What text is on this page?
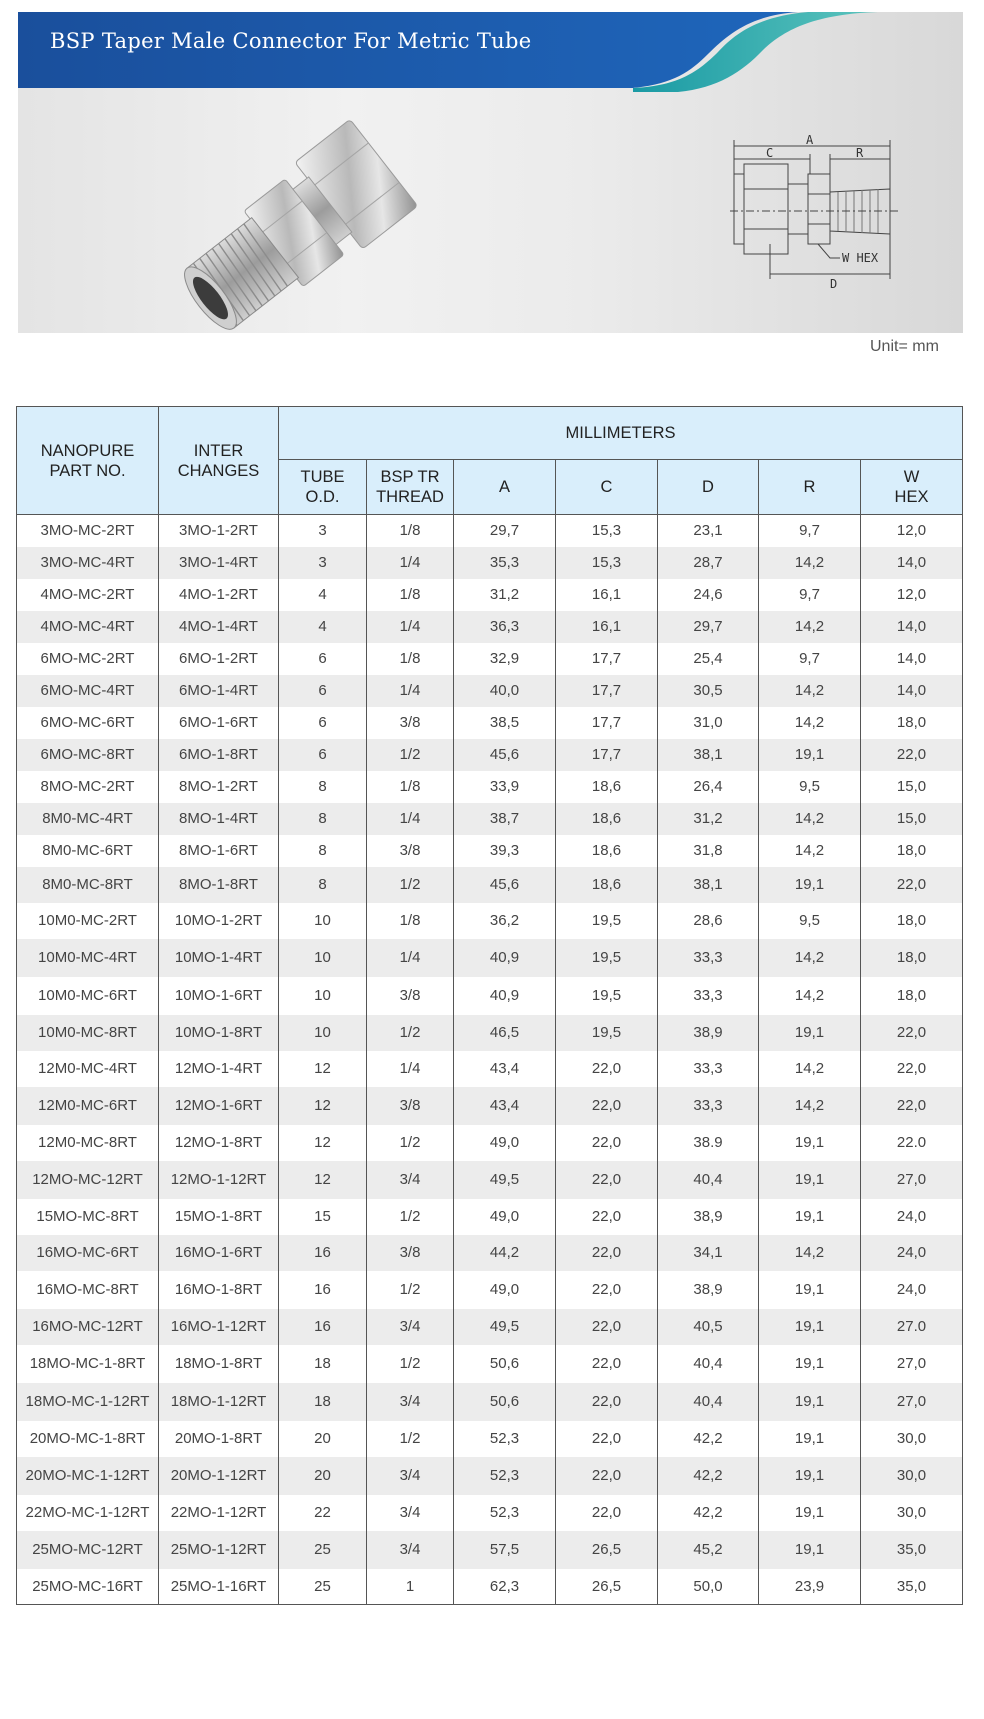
BSP Taper Male Connector For Metric Tube
A
C	R
D
W HEX
Unit= mm
NANOPURE PART NO.	INTER CHANGES	MILLIMETERS						
		TUBE O.D.	BSP TR THREAD	A	C	D	R	W HEX
3MO-MC-2RT	3MO-1-2RT	3	1/8	29,7	15,3	23,1	9,7	12,0
3MO-MC-4RT	3MO-1-4RT	3	1/4	35,3	15,3	28,7	14,2	14,0
4MO-MC-2RT	4MO-1-2RT	4	1/8	31,2	16,1	24,6	9,7	12,0
4MO-MC-4RT	4MO-1-4RT	4	1/4	36,3	16,1	29,7	14,2	14,0
6MO-MC-2RT	6MO-1-2RT	6	1/8	32,9	17,7	25,4	9,7	14,0
6MO-MC-4RT	6MO-1-4RT	6	1/4	40,0	17,7	30,5	14,2	14,0
6MO-MC-6RT	6MO-1-6RT	6	3/8	38,5	17,7	31,0	14,2	18,0
6MO-MC-8RT	6MO-1-8RT	6	1/2	45,6	17,7	38,1	19,1	22,0
8MO-MC-2RT	8MO-1-2RT	8	1/8	33,9	18,6	26,4	9,5	15,0
8M0-MC-4RT	8MO-1-4RT	8	1/4	38,7	18,6	31,2	14,2	15,0
8M0-MC-6RT	8MO-1-6RT	8	3/8	39,3	18,6	31,8	14,2	18,0
8M0-MC-8RT	8MO-1-8RT	8	1/2	45,6	18,6	38,1	19,1	22,0
10M0-MC-2RT	10MO-1-2RT	10	1/8	36,2	19,5	28,6	9,5	18,0
10M0-MC-4RT	10MO-1-4RT	10	1/4	40,9	19,5	33,3	14,2	18,0
10M0-MC-6RT	10MO-1-6RT	10	3/8	40,9	19,5	33,3	14,2	18,0
10M0-MC-8RT	10MO-1-8RT	10	1/2	46,5	19,5	38,9	19,1	22,0
12M0-MC-4RT	12MO-1-4RT	12	1/4	43,4	22,0	33,3	14,2	22,0
12M0-MC-6RT	12MO-1-6RT	12	3/8	43,4	22,0	33,3	14,2	22,0
12M0-MC-8RT	12MO-1-8RT	12	1/2	49,0	22,0	38.9	19,1	22.0
12MO-MC-12RT	12MO-1-12RT	12	3/4	49,5	22,0	40,4	19,1	27,0
15MO-MC-8RT	15MO-1-8RT	15	1/2	49,0	22,0	38,9	19,1	24,0
16MO-MC-6RT	16MO-1-6RT	16	3/8	44,2	22,0	34,1	14,2	24,0
16MO-MC-8RT	16MO-1-8RT	16	1/2	49,0	22,0	38,9	19,1	24,0
16MO-MC-12RT	16MO-1-12RT	16	3/4	49,5	22,0	40,5	19,1	27.0
18MO-MC-1-8RT	18MO-1-8RT	18	1/2	50,6	22,0	40,4	19,1	27,0
18MO-MC-1-12RT	18MO-1-12RT	18	3/4	50,6	22,0	40,4	19,1	27,0
20MO-MC-1-8RT	20MO-1-8RT	20	1/2	52,3	22,0	42,2	19,1	30,0
20MO-MC-1-12RT	20MO-1-12RT	20	3/4	52,3	22,0	42,2	19,1	30,0
22MO-MC-1-12RT	22MO-1-12RT	22	3/4	52,3	22,0	42,2	19,1	30,0
25MO-MC-12RT	25MO-1-12RT	25	3/4	57,5	26,5	45,2	19,1	35,0
25MO-MC-16RT	25MO-1-16RT	25	1	62,3	26,5	50,0	23,9	35,0
